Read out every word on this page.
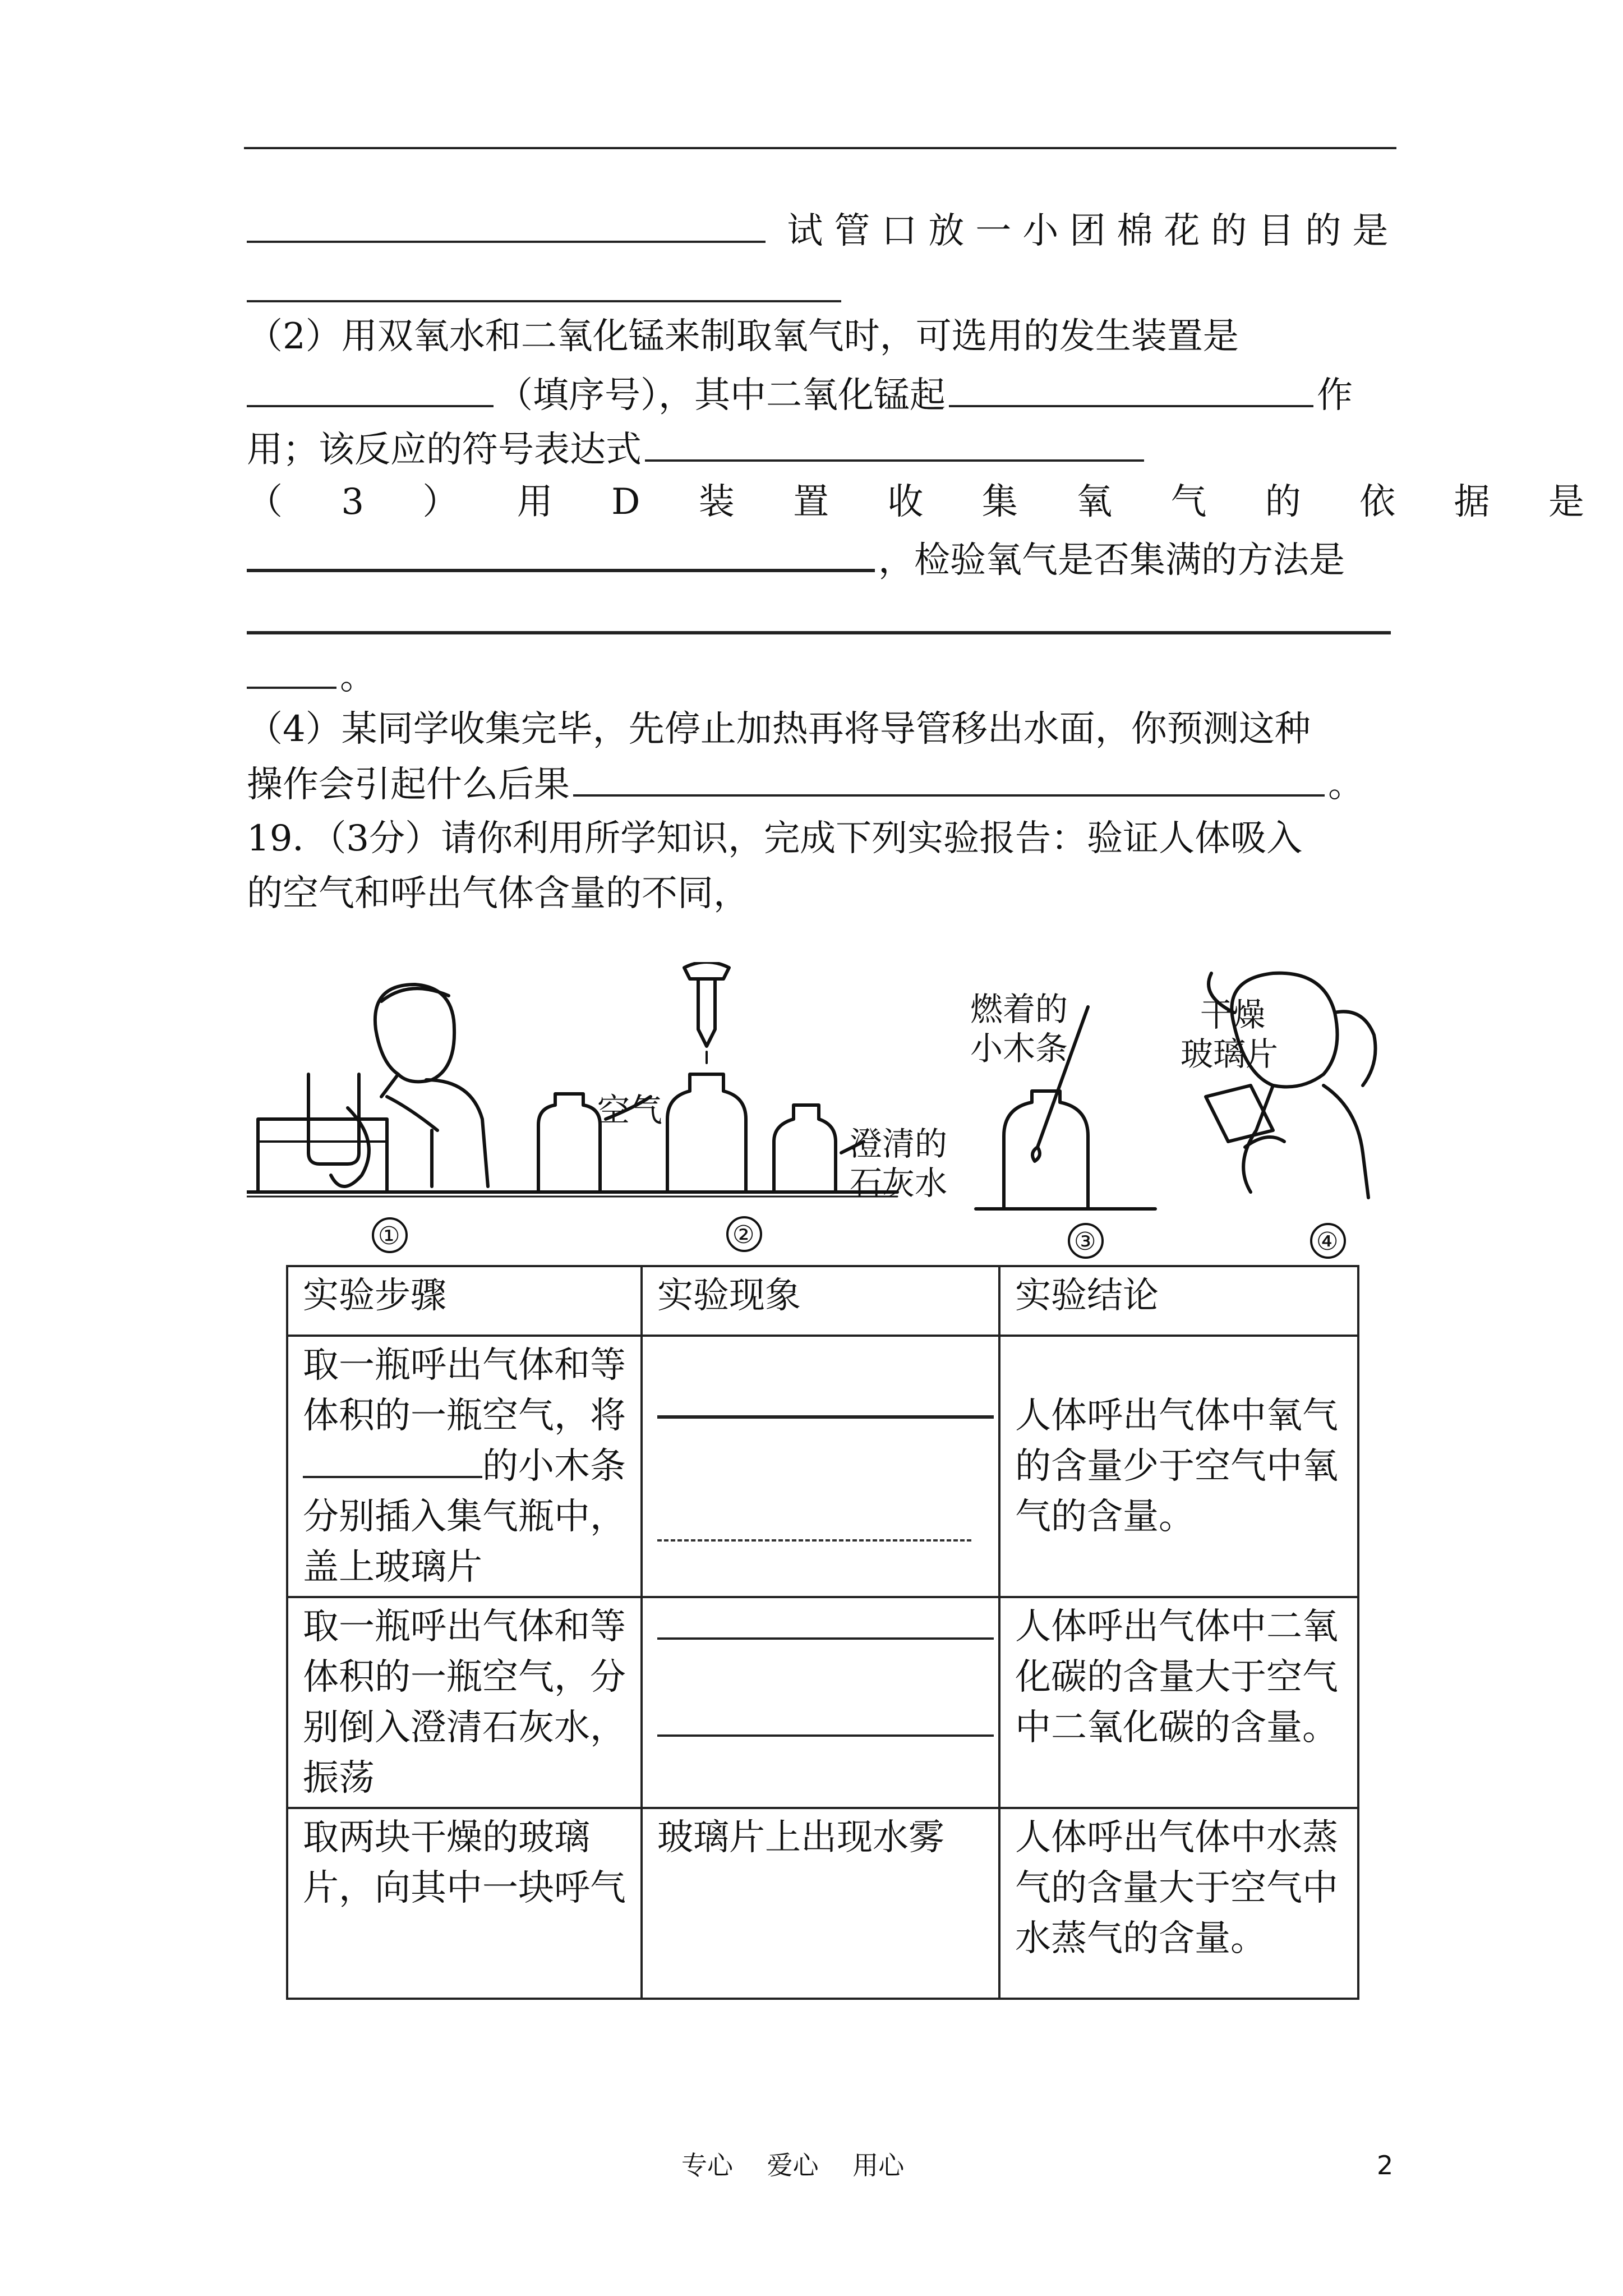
试管口放一小团棉花的目的是
（2）用双氧水和二氧化锰来制取氧气时，可选用的发生装置是
（填序号），其中二氧化锰起	作
用；该反应的符号表达式
（ 3 ） 用 D 装 置 收 集 氧 气 的 依 据 是
，检验氧气是否集满的方法是
。
（4）某同学收集完毕，先停止加热再将导管移出水面，你预测这种
操作会引起什么后果	。
19．（3分）请你利用所学知识，完成下列实验报告：验证人体吸入
的空气和呼出气体含量的不同，
空气
澄清的
石灰水
燃着的
小木条
干燥
玻璃片
①	②	③	④
实验步骤	实验现象	实验结论
取一瓶呼出气体和等体积的一瓶空气，将的小木条分别插入集气瓶中，盖上玻璃片		人体呼出气体中氧气的含量少于空气中氧气的含量。

取一瓶呼出气体和等体积的一瓶空气，分别倒入澄清石灰水，振荡		人体呼出气体中二氧化碳的含量大于空气中二氧化碳的含量。

取两块干燥的玻璃片，向其中一块呼气	玻璃片上出现水雾	人体呼出气体中水蒸气的含量大于空气中水蒸气的含量。
专心　 爱心　 用心	2
